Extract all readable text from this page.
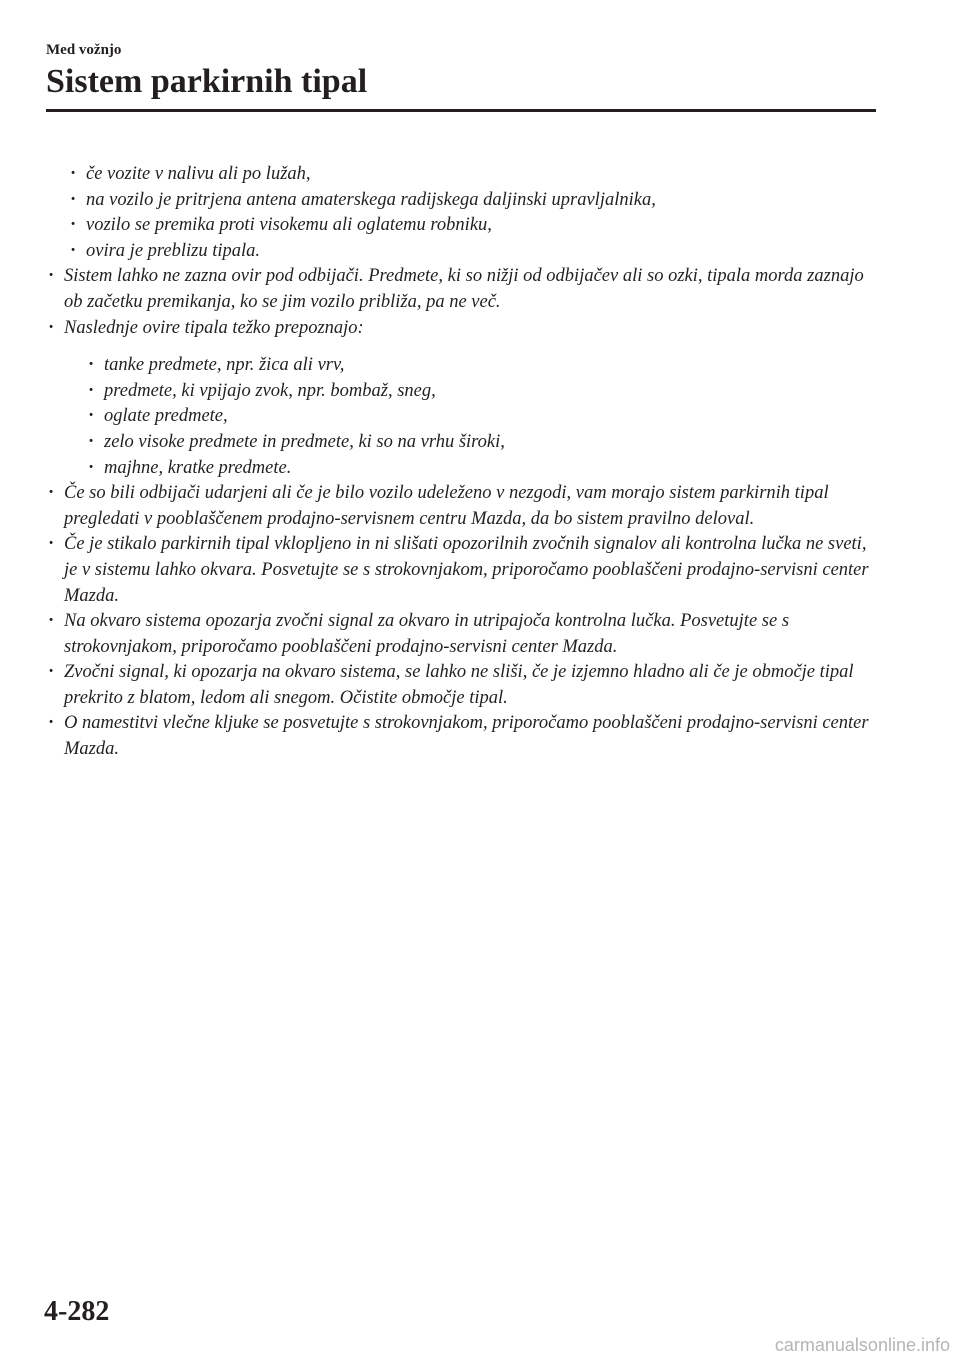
Med vožnjo
Sistem parkirnih tipal
· če vozite v nalivu ali po lužah,
· na vozilo je pritrjena antena amaterskega radijskega daljinski upravljalnika,
· vozilo se premika proti visokemu ali oglatemu robniku,
· ovira je preblizu tipala.
· Sistem lahko ne zazna ovir pod odbijači. Predmete, ki so nižji od odbijačev ali so ozki, tipala morda zaznajo ob začetku premikanja, ko se jim vozilo približa, pa ne več.
· Naslednje ovire tipala težko prepoznajo:
· tanke predmete, npr. žica ali vrv,
· predmete, ki vpijajo zvok, npr. bombaž, sneg,
· oglate predmete,
· zelo visoke predmete in predmete, ki so na vrhu široki,
· majhne, kratke predmete.
· Če so bili odbijači udarjeni ali če je bilo vozilo udeleženo v nezgodi, vam morajo sistem parkirnih tipal pregledati v pooblaščenem prodajno-servisnem centru Mazda, da bo sistem pravilno deloval.
· Če je stikalo parkirnih tipal vklopljeno in ni slišati opozorilnih zvočnih signalov ali kontrolna lučka ne sveti, je v sistemu lahko okvara. Posvetujte se s strokovnjakom, priporočamo pooblaščeni prodajno-servisni center Mazda.
· Na okvaro sistema opozarja zvočni signal za okvaro in utripajoča kontrolna lučka. Posvetujte se s strokovnjakom, priporočamo pooblaščeni prodajno-servisni center Mazda.
· Zvočni signal, ki opozarja na okvaro sistema, se lahko ne sliši, če je izjemno hladno ali če je območje tipal prekrito z blatom, ledom ali snegom. Očistite območje tipal.
· O namestitvi vlečne kljuke se posvetujte s strokovnjakom, priporočamo pooblaščeni prodajno-servisni center Mazda.
4-282
carmanualsonline.info
